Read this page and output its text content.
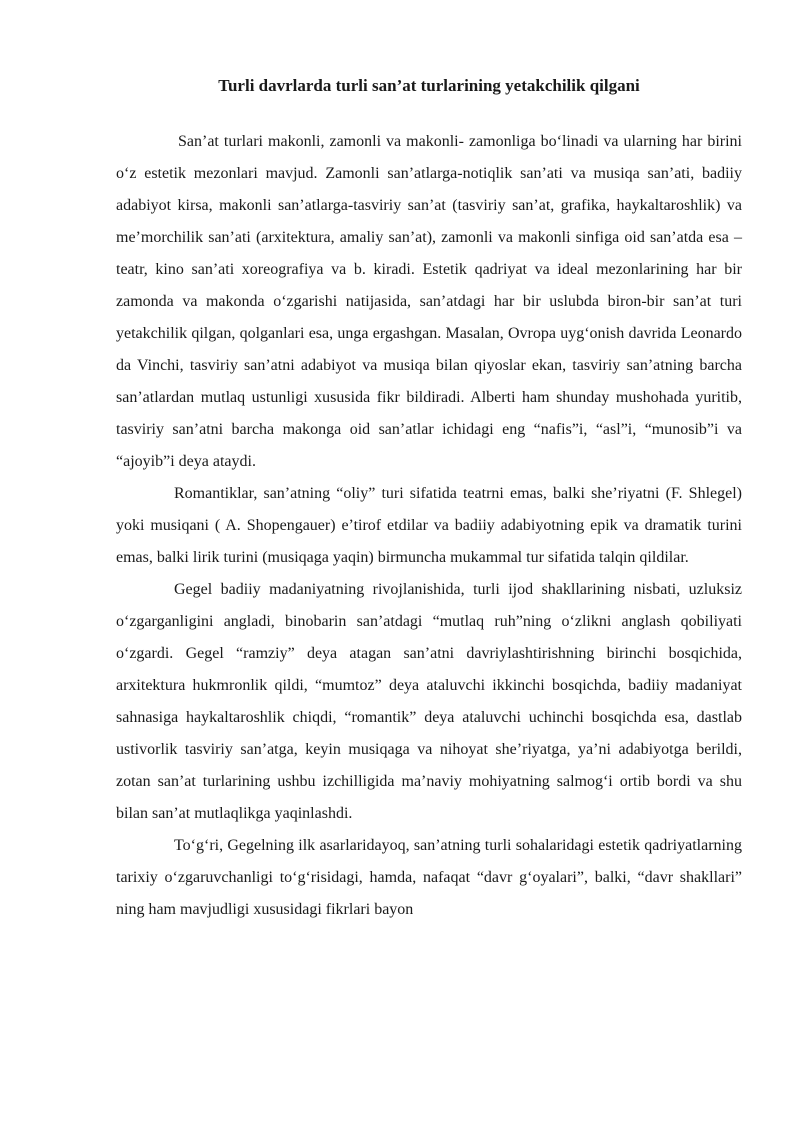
Turli davrlarda turli san’at turlarining yetakchilik qilgani

San’at turlari makonli, zamonli va makonli- zamonliga bo‘linadi va ularning har birini o‘z estetik mezonlari mavjud. Zamonli san’atlarga-notiqlik san’ati va musiqa san’ati, badiiy adabiyot kirsa, makonli san’atlarga-tasviriy san’at (tasviriy san’at, grafika, haykaltaroshlik) va me’morchilik san’ati (arxitektura, amaliy san’at), zamonli va makonli sinfiga oid san’atda esa –teatr, kino san’ati xoreografiya va b. kiradi. Estetik qadriyat va ideal mezonlarining har bir zamonda va makonda o‘zgarishi natijasida, san’atdagi har bir uslubda biron-bir san’at turi yetakchilik qilgan, qolganlari esa, unga ergashgan. Masalan, Ovropa uyg‘onish davrida Leonardo da Vinchi, tasviriy san’atni adabiyot va musiqa bilan qiyoslar ekan, tasviriy san’atning barcha san’atlardan mutlaq ustunligi xususida fikr bildiradi. Alberti ham shunday mushohada yuritib, tasviriy san’atni barcha makonga oid san’atlar ichidagi eng “nafis”i, “asl”i, “munosib”i va “ajoyib”i deya ataydi.

Romantiklar, san’atning “oliy” turi sifatida teatrni emas, balki she’riyatni (F. Shlegel) yoki musiqani ( A. Shopengauer) e’tirof etdilar va badiiy adabiyotning epik va dramatik turini emas, balki lirik turini (musiqaga yaqin) birmuncha mukammal tur sifatida talqin qildilar.

Gegel badiiy madaniyatning rivojlanishida, turli ijod shakllarining nisbati, uzluksiz o‘zgarganligini angladi, binobarin san’atdagi “mutlaq ruh”ning o‘zlikni anglash qobiliyati o‘zgardi. Gegel “ramziy” deya atagan san’atni davriylashtirishning birinchi bosqichida, arxitektura hukmronlik qildi, “mumtoz” deya ataluvchi ikkinchi bosqichda, badiiy madaniyat sahnasiga haykaltaroshlik chiqdi, “romantik” deya ataluvchi uchinchi bosqichda esa, dastlab ustivorlik tasviriy san’atga, keyin musiqaga va nihoyat she’riyatga, ya’ni adabiyotga berildi, zotan san’at turlarining ushbu izchilligida ma’naviy mohiyatning salmog‘i ortib bordi va shu bilan san’at mutlaqlikga yaqinlashdi.

To‘g‘ri, Gegelning ilk asarlaridayoq, san’atning turli sohalaridagi estetik qadriyatlarning tarixiy o‘zgaruvchanligi to‘g‘risidagi, hamda, nafaqat “davr g‘oyalari”, balki, “davr shakllari” ning ham mavjudligi xususidagi fikrlari bayon
